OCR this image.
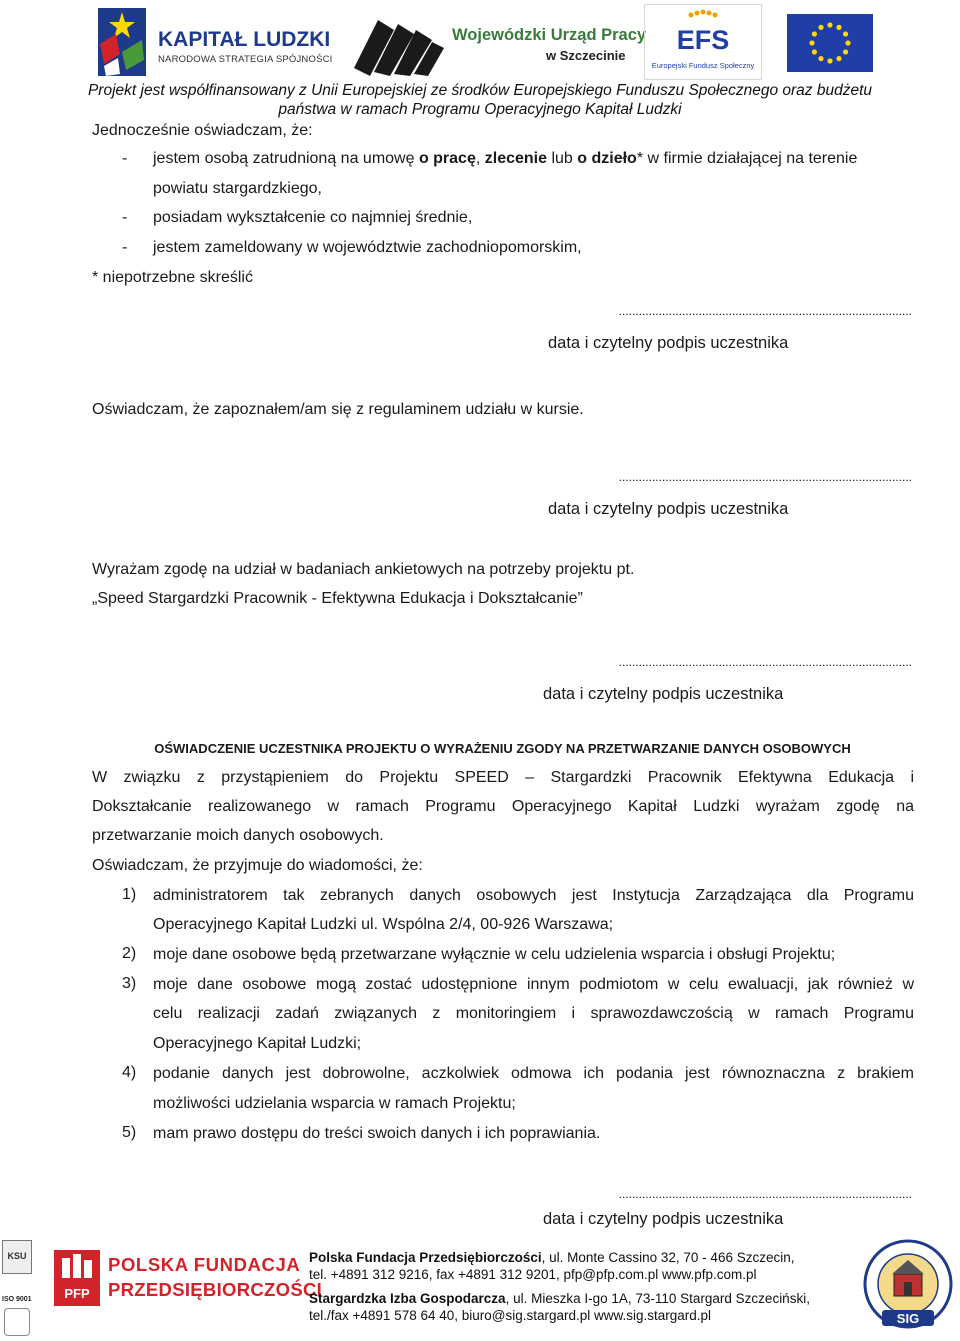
KAPITAŁ LUDZKI
NARODOWA STRATEGIA SPÓJNOŚCI
Wojewódzki Urząd Pracy
w Szczecinie
EFS
Europejski Fundusz Społeczny
Projekt jest współfinansowany z Unii Europejskiej ze środków Europejskiego Funduszu Społecznego oraz budżetu
państwa w ramach Programu Operacyjnego Kapitał Ludzki
Jednocześnie oświadczam, że:
- jestem osobą zatrudnioną na umowę o pracę, zlecenie lub o dzieło* w firmie działającej na terenie
powiatu stargardzkiego,
- posiadam wykształcenie co najmniej średnie,
- jestem zameldowany w województwie zachodniopomorskim,
* niepotrzebne skreślić
........................................................................................
data i czytelny podpis uczestnika
Oświadczam, że zapoznałem/am się z regulaminem udziału w kursie.
........................................................................................
data i czytelny podpis uczestnika
Wyrażam zgodę na udział w badaniach ankietowych na potrzeby projektu pt.
„Speed Stargardzki Pracownik - Efektywna Edukacja i Dokształcanie”
........................................................................................
data i czytelny podpis uczestnika
OŚWIADCZENIE UCZESTNIKA PROJEKTU O WYRAŻENIU ZGODY NA PRZETWARZANIE DANYCH OSOBOWYCH
W związku z przystąpieniem do Projektu SPEED – Stargardzki Pracownik Efektywna Edukacja i
Dokształcanie realizowanego w ramach Programu Operacyjnego Kapitał Ludzki wyrażam zgodę na
przetwarzanie moich danych osobowych.
Oświadczam, że przyjmuje do wiadomości, że:
1) administratorem tak zebranych danych osobowych jest Instytucja Zarządzająca dla Programu
Operacyjnego Kapitał Ludzki ul. Wspólna 2/4, 00-926 Warszawa;
2) moje dane osobowe będą przetwarzane wyłącznie w celu udzielenia wsparcia i obsługi Projektu;
3) moje dane osobowe mogą zostać udostępnione innym podmiotom w celu ewaluacji, jak również w
celu realizacji zadań związanych z monitoringiem i sprawozdawczością w ramach Programu
Operacyjnego Kapitał Ludzki;
4) podanie danych jest dobrowolne, aczkolwiek odmowa ich podania jest równoznaczna z brakiem
możliwości udzielania wsparcia w ramach Projektu;
5) mam prawo dostępu do treści swoich danych i ich poprawiania.
........................................................................................
data i czytelny podpis uczestnika
KSU
ISO 9001	PFP
POLSKA FUNDACJA
PRZEDSIĘBIORCZOŚCI
Polska Fundacja Przedsiębiorczości, ul. Monte Cassino 32, 70 - 466 Szczecin,
tel. +4891 312 9216, fax +4891 312 9201, pfp@pfp.com.pl www.pfp.com.pl
Stargardzka Izba Gospodarcza, ul. Mieszka I-go 1A, 73-110 Stargard Szczeciński,
tel./fax +4891 578 64 40, biuro@sig.stargard.pl www.sig.stargard.pl	SIG
